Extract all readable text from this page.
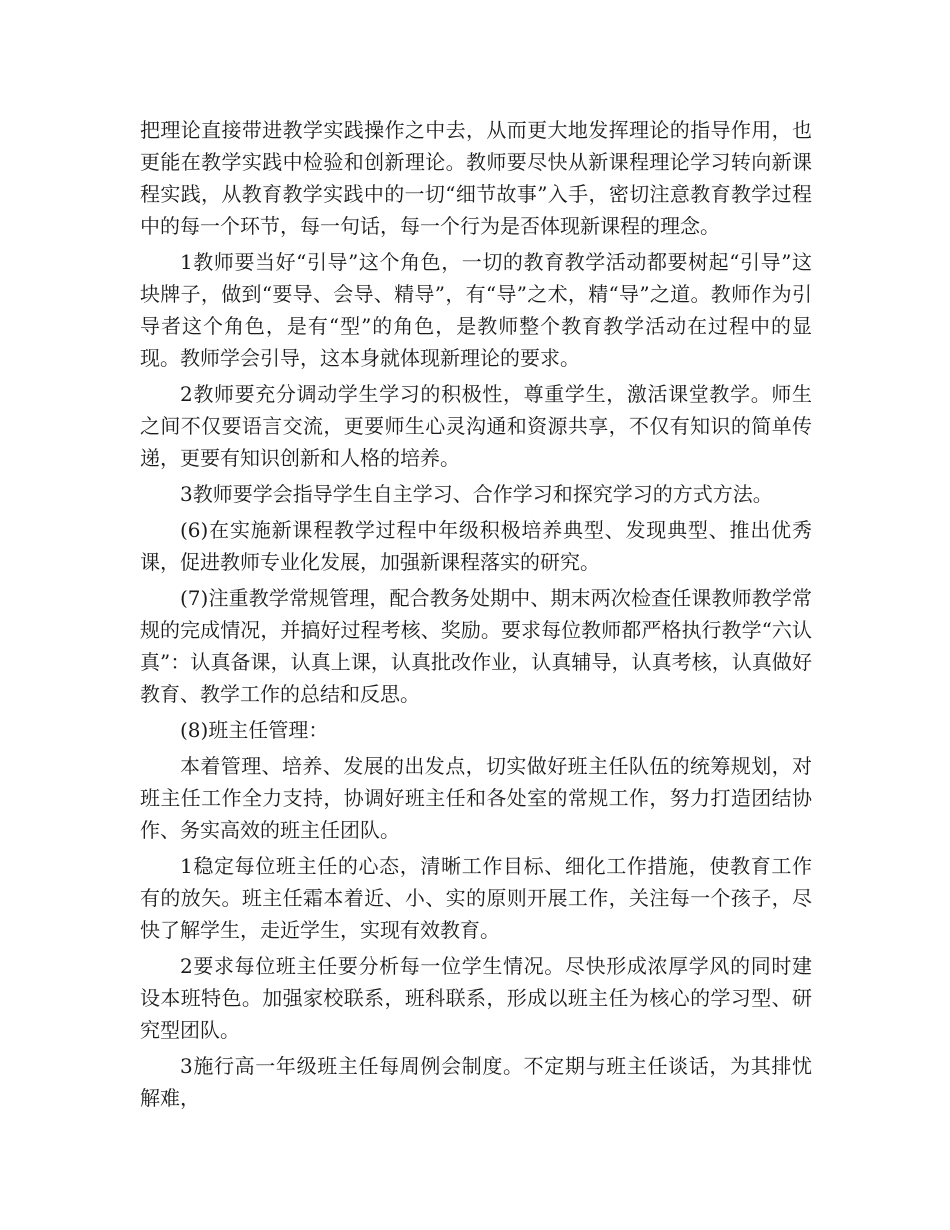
把理论直接带进教学实践操作之中去，从而更大地发挥理论的指导作用，也更能在教学实践中检验和创新理论。教师要尽快从新课程理论学习转向新课程实践，从教育教学实践中的一切“细节故事”入手，密切注意教育教学过程中的每一个环节，每一句话，每一个行为是否体现新课程的理念。

1教师要当好“引导”这个角色，一切的教育教学活动都要树起“引导”这块牌子，做到“要导、会导、精导”，有“导”之术，精“导”之道。教师作为引导者这个角色，是有“型”的角色，是教师整个教育教学活动在过程中的显现。教师学会引导，这本身就体现新理论的要求。

2教师要充分调动学生学习的积极性，尊重学生，激活课堂教学。师生之间不仅要语言交流，更要师生心灵沟通和资源共享，不仅有知识的简单传递，更要有知识创新和人格的培养。

3教师要学会指导学生自主学习、合作学习和探究学习的方式方法。

(6)在实施新课程教学过程中年级积极培养典型、发现典型、推出优秀课，促进教师专业化发展，加强新课程落实的研究。

(7)注重教学常规管理，配合教务处期中、期末两次检查任课教师教学常规的完成情况，并搞好过程考核、奖励。要求每位教师都严格执行教学“六认真”：认真备课，认真上课，认真批改作业，认真辅导，认真考核，认真做好教育、教学工作的总结和反思。

(8)班主任管理：

本着管理、培养、发展的出发点，切实做好班主任队伍的统筹规划，对班主任工作全力支持，协调好班主任和各处室的常规工作，努力打造团结协作、务实高效的班主任团队。

1稳定每位班主任的心态，清晰工作目标、细化工作措施，使教育工作有的放矢。班主任霜本着近、小、实的原则开展工作，关注每一个孩子，尽快了解学生，走近学生，实现有效教育。

2要求每位班主任要分析每一位学生情况。尽快形成浓厚学风的同时建设本班特色。加强家校联系，班科联系，形成以班主任为核心的学习型、研究型团队。

3施行高一年级班主任每周例会制度。不定期与班主任谈话，为其排忧解难，
